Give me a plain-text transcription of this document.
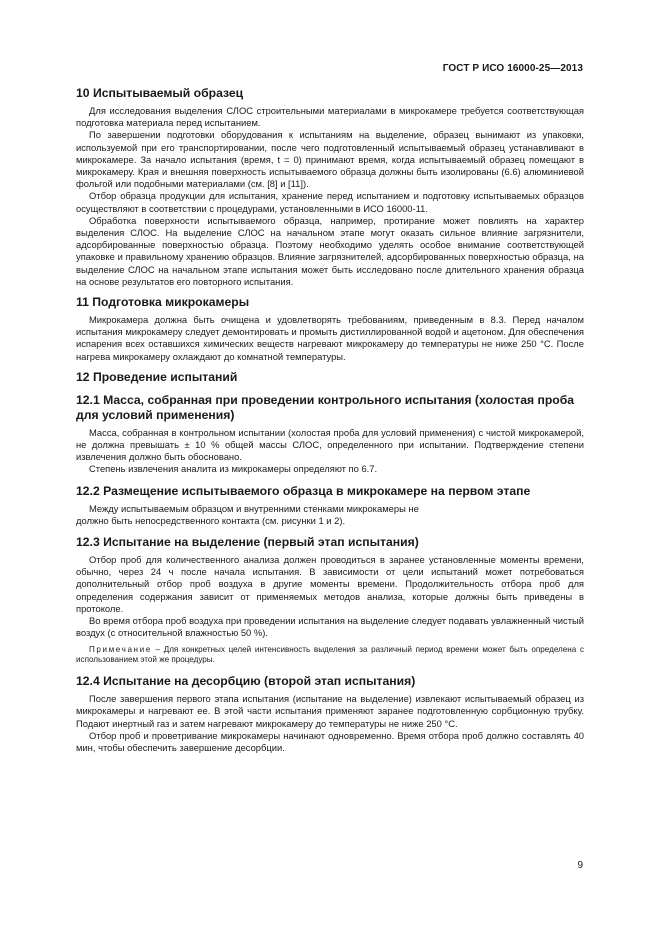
ГОСТ Р ИСО 16000-25—2013
10 Испытываемый образец

Для исследования выделения СЛОС строительными материалами в микрокамере требуется соответствующая подготовка материала перед испытанием.

По завершении подготовки оборудования к испытаниям на выделение, образец вынимают из упаковки, используемой при его транспортировании, после чего подготовленный испытываемый образец устанавливают в микрокамере. За начало испытания (время, t = 0) принимают время, когда испытываемый образец помещают в микрокамеру. Края и внешняя поверхность испытываемого образца должны быть изолированы (6.6) алюминиевой фольгой или подобными материалами (см. [8] и [11]).

Отбор образца продукции для испытания, хранение перед испытанием и подготовку испытываемых образцов осуществляют в соответствии с процедурами, установленными в ИСО 16000-11.

Обработка поверхности испытываемого образца, например, протирание может повлиять на характер выделения СЛОС. На выделение СЛОС на начальном этапе могут оказать сильное влияние загрязнители, адсорбированные поверхностью образца. Поэтому необходимо уделять особое внимание соответствующей упаковке и правильному хранению образцов. Влияние загрязнителей, адсорбированных поверхностью образца, на выделение СЛОС на начальном этапе испытания может быть исследовано после длительного хранения образца на основе результатов его повторного испытания.

11 Подготовка микрокамеры

Микрокамера должна быть очищена и удовлетворять требованиям, приведенным в 8.3. Перед началом испытания микрокамеру следует демонтировать и промыть дистиллированной водой и ацетоном. Для обеспечения испарения всех оставшихся химических веществ нагревают микрокамеру до температуры не ниже 250 °С. После нагрева микрокамеру охлаждают до комнатной температуры.

12 Проведение испытаний
12.1 Масса, собранная при проведении контрольного испытания (холостая проба для условий применения)

Масса, собранная в контрольном испытании (холостая проба для условий применения) с чистой микрокамерой, не должна превышать ± 10 % общей массы СЛОС, определенного при испытании. Подтверждение степени извлечения должно быть обосновано.

Степень извлечения аналита из микрокамеры определяют по 6.7.

12.2 Размещение испытываемого образца в микрокамере на первом этапе

Между испытываемым образцом и внутренними стенками микрокамеры не

должно быть непосредственного контакта (см. рисунки 1 и 2).

12.3 Испытание на выделение (первый этап испытания)

Отбор проб для количественного анализа должен проводиться в заранее установленные моменты времени, обычно, через 24 ч после начала испытания. В зависимости от цели испытаний может потребоваться дополнительный отбор проб воздуха в другие моменты времени. Продолжительность отбора проб для определения содержания зависит от применяемых методов анализа, которые должны быть приведены в протоколе.

Во время отбора проб воздуха при проведении испытания на выделение следует подавать увлажненный чистый воздух (с относительной влажностью 50 %).

Примечание – Для конкретных целей интенсивность выделения за различный период времени может быть определена с использованием этой же процедуры.

12.4 Испытание на десорбцию (второй этап испытания)

После завершения первого этапа испытания (испытание на выделение) извлекают испытываемый образец из микрокамеры и нагревают ее. В этой части испытания применяют заранее подготовленную сорбционную трубку. Подают инертный газ и затем нагревают микрокамеру до температуры не ниже 250 °С.

Отбор проб и проветривание микрокамеры начинают одновременно. Время отбора проб должно составлять 40 мин, чтобы обеспечить завершение десорбции.

9
